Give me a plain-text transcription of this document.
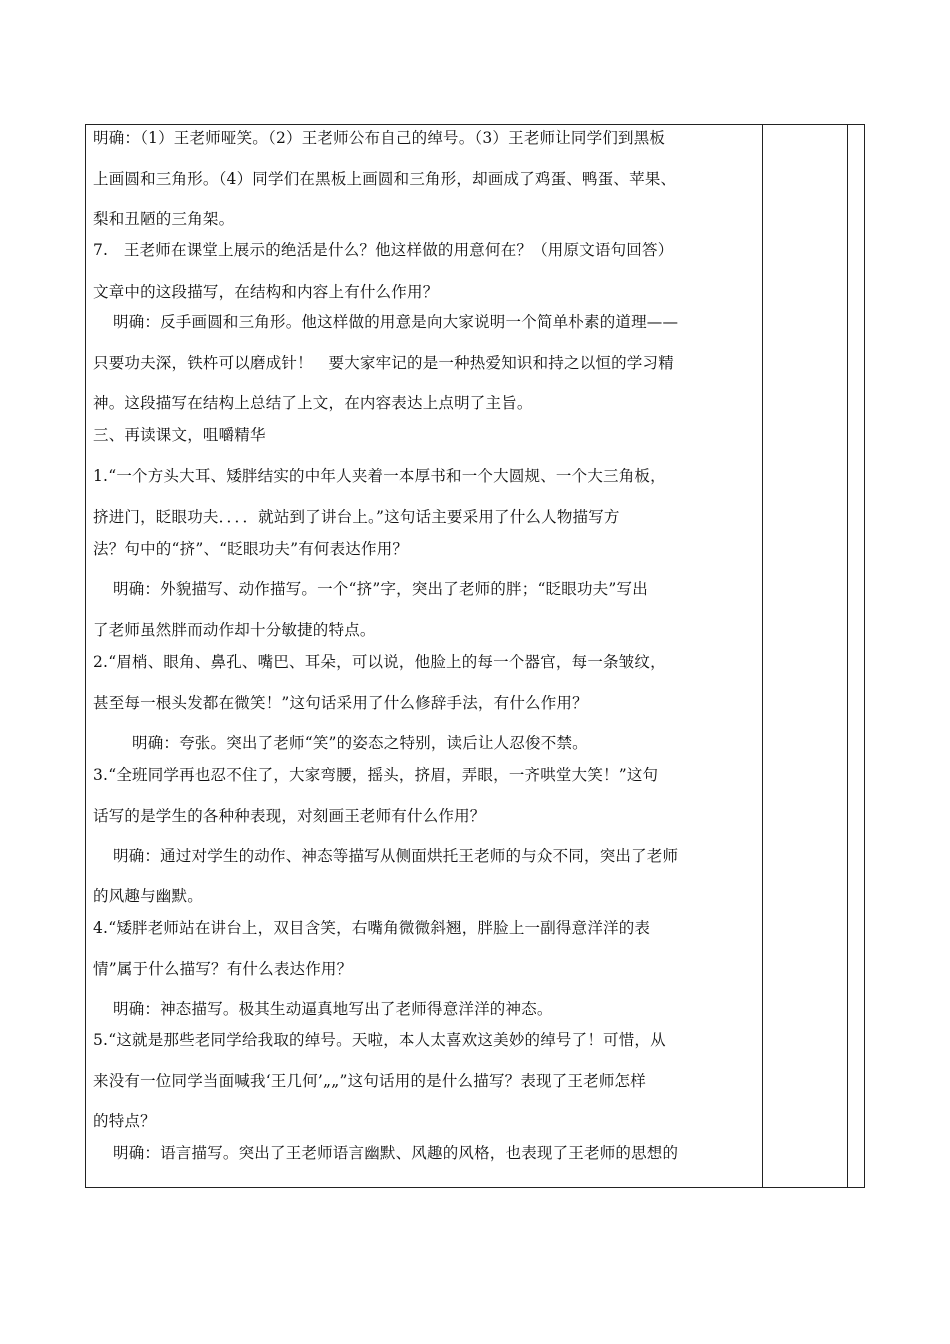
明确：（1）王老师哑笑。（2）王老师公布自己的绰号。（3）王老师让同学们到黑板
上画圆和三角形。（4）同学们在黑板上画圆和三角形，却画成了鸡蛋、鸭蛋、苹果、
梨和丑陋的三角架。
7.　王老师在课堂上展示的绝活是什么？他这样做的用意何在？（用原文语句回答）
文章中的这段描写，在结构和内容上有什么作用？
明确：反手画圆和三角形。他这样做的用意是向大家说明一个简单朴素的道理——
只要功夫深，铁杵可以磨成针！　要大家牢记的是一种热爱知识和持之以恒的学习精
神。这段描写在结构上总结了上文，在内容表达上点明了主旨。
三、再读课文，咀嚼精华
1.“一个方头大耳、矮胖结实的中年人夹着一本厚书和一个大圆规、一个大三角板，
挤进门，眨眼功夫．．．．就站到了讲台上。”这句话主要采用了什么人物描写方
法？句中的“挤”、“眨眼功夫”有何表达作用？
明确：外貌描写、动作描写。一个“挤”字，突出了老师的胖；“眨眼功夫”写出
了老师虽然胖而动作却十分敏捷的特点。
2.“眉梢、眼角、鼻孔、嘴巴、耳朵，可以说，他脸上的每一个器官，每一条皱纹，
甚至每一根头发都在微笑！”这句话采用了什么修辞手法，有什么作用？
明确：夸张。突出了老师“笑”的姿态之特别，读后让人忍俊不禁。
3.“全班同学再也忍不住了，大家弯腰，摇头，挤眉，弄眼，一齐哄堂大笑！”这句
话写的是学生的各种种表现，对刻画王老师有什么作用？
明确：通过对学生的动作、神态等描写从侧面烘托王老师的与众不同，突出了老师
的风趣与幽默。
4.“矮胖老师站在讲台上，双目含笑，右嘴角微微斜翘，胖脸上一副得意洋洋的表
情”属于什么描写？有什么表达作用？
明确：神态描写。极其生动逼真地写出了老师得意洋洋的神态。
5.“这就是那些老同学给我取的绰号。天啦，本人太喜欢这美妙的绰号了！可惜，从
来没有一位同学当面喊我‘王几何’„„”这句话用的是什么描写？表现了王老师怎样
的特点？
明确：语言描写。突出了王老师语言幽默、风趣的风格，也表现了王老师的思想的
